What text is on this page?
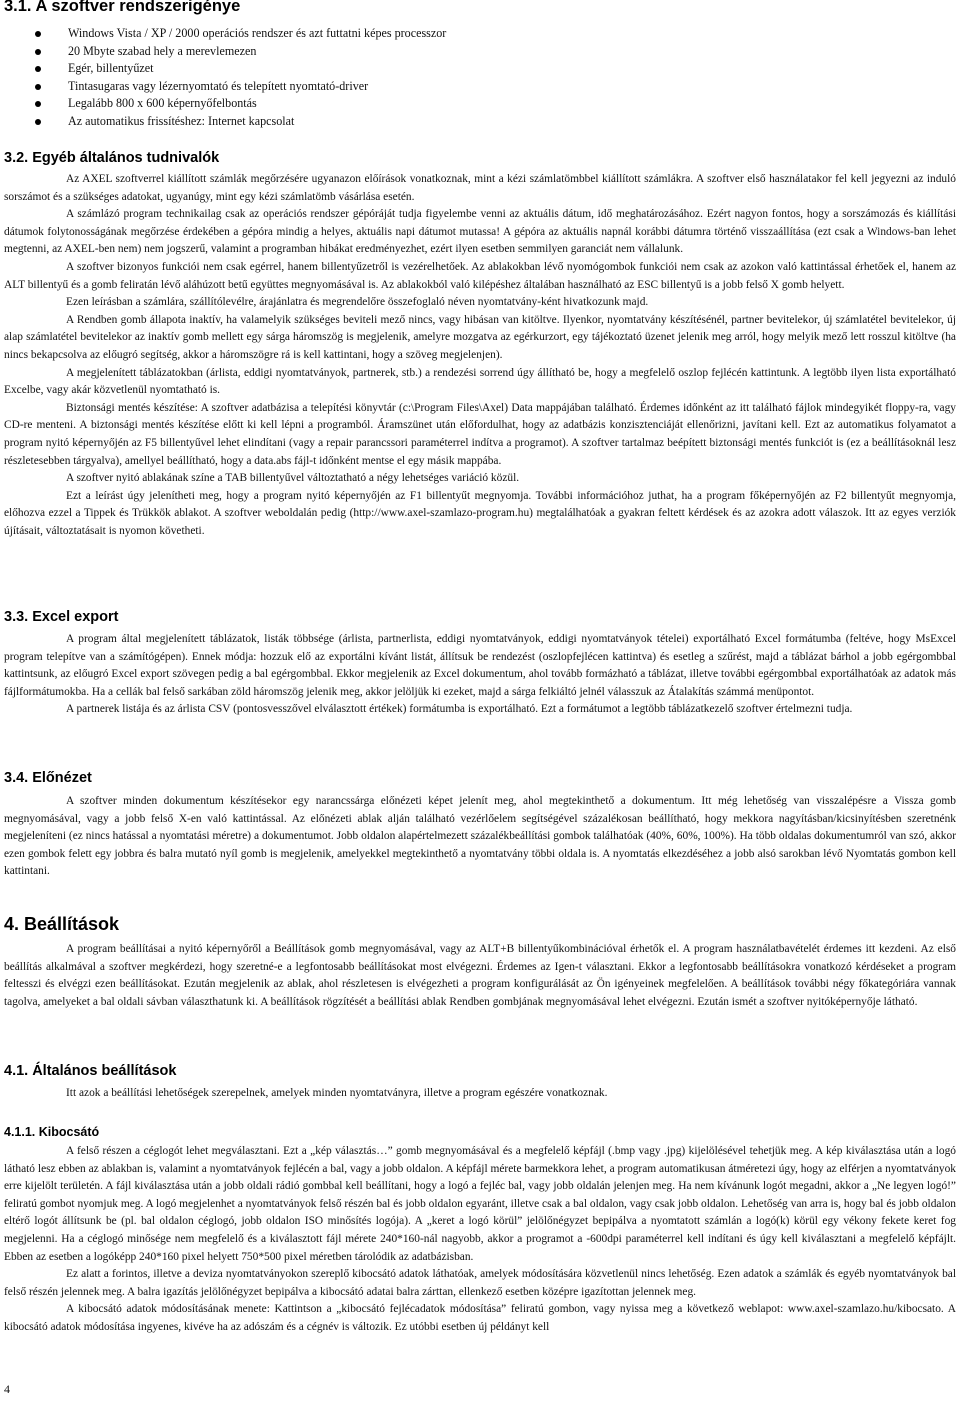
3.1. A szoftver rendszerigénye
Windows Vista / XP / 2000 operációs rendszer és azt futtatni képes processzor
20 Mbyte szabad hely a merevlemezen
Egér, billentyűzet
Tintasugaras vagy lézernyomtató és telepített nyomtató-driver
Legalább 800 x 600 képernyőfelbontás
Az automatikus frissítéshez: Internet kapcsolat
3.2. Egyéb általános tudnivalók

Az AXEL szoftverrel kiállított számlák megőrzésére ugyanazon előírások vonatkoznak, mint a kézi számlatömbbel kiállított számlákra. A szoftver első használatakor fel kell jegyezni az induló sorszámot és a szükséges adatokat, ugyanúgy, mint egy kézi számlatömb vásárlása esetén.

A számlázó program technikailag csak az operációs rendszer gépóráját tudja figyelembe venni az aktuális dátum, idő meghatározásához. Ezért nagyon fontos, hogy a sorszámozás és kiállítási dátumok folytonosságának megőrzése érdekében a gépóra mindig a helyes, aktuális napi dátumot mutassa! A gépóra az aktuális napnál korábbi dátumra történő visszaállítása (ezt csak a Windows-ban lehet megtenni, az AXEL-ben nem) nem jogszerű, valamint a programban hibákat eredményezhet, ezért ilyen esetben semmilyen garanciát nem vállalunk.

A szoftver bizonyos funkciói nem csak egérrel, hanem billentyűzetről is vezérelhetőek. Az ablakokban lévő nyomógombok funkciói nem csak az azokon való kattintással érhetőek el, hanem az ALT billentyű és a gomb feliratán lévő aláhúzott betű együttes megnyomásával is. Az ablakokból való kilépéshez általában használható az ESC billentyű is a jobb felső X gomb helyett.

Ezen leírásban a számlára, szállítólevélre, árajánlatra és megrendelőre összefoglaló néven nyomtatvány-ként hivatkozunk majd.

A Rendben gomb állapota inaktív, ha valamelyik szükséges beviteli mező nincs, vagy hibásan van kitöltve. Ilyenkor, nyomtatvány készítésénél, partner bevitelekor, új számlatétel bevitelekor, új alap számlatétel bevitelekor az inaktív gomb mellett egy sárga háromszög is megjelenik, amelyre mozgatva az egérkurzort, egy tájékoztató üzenet jelenik meg arról, hogy melyik mező lett rosszul kitöltve (ha nincs bekapcsolva az előugró segítség, akkor a háromszögre rá is kell kattintani, hogy a szöveg megjelenjen).

A megjelenített táblázatokban (árlista, eddigi nyomtatványok, partnerek, stb.) a rendezési sorrend úgy állítható be, hogy a megfelelő oszlop fejlécén kattintunk. A legtöbb ilyen lista exportálható Excelbe, vagy akár közvetlenül nyomtatható is.

Biztonsági mentés készítése: A szoftver adatbázisa a telepítési könyvtár (c:\Program Files\Axel) Data mappájában található. Érdemes időnként az itt található fájlok mindegyikét floppy-ra, vagy CD-re menteni. A biztonsági mentés készítése előtt ki kell lépni a programból. Áramszünet után előfordulhat, hogy az adatbázis konzisztenciáját ellenőrizni, javítani kell. Ezt az automatikus folyamatot a program nyitó képernyőjén az F5 billentyűvel lehet elindítani (vagy a repair parancssori paraméterrel indítva a programot). A szoftver tartalmaz beépített biztonsági mentés funkciót is (ez a beállításoknál lesz részletesebben tárgyalva), amellyel beállítható, hogy a data.abs fájl-t időnként mentse el egy másik mappába.

A szoftver nyitó ablakának színe a TAB billentyűvel változtatható a négy lehetséges variáció közül.

Ezt a leírást úgy jelenítheti meg, hogy a program nyitó képernyőjén az F1 billentyűt megnyomja. További információhoz juthat, ha a program főképernyőjén az F2 billentyűt megnyomja, előhozva ezzel a Tippek és Trükkök ablakot. A szoftver weboldalán pedig (http://www.axel-szamlazo-program.hu) megtalálhatóak a gyakran feltett kérdések és az azokra adott válaszok. Itt az egyes verziók újításait, változtatásait is nyomon követheti.

3.3. Excel export

A program által megjelenített táblázatok, listák többsége (árlista, partnerlista, eddigi nyomtatványok, eddigi nyomtatványok tételei) exportálható Excel formátumba (feltéve, hogy MsExcel program telepítve van a számítógépen). Ennek módja: hozzuk elő az exportálni kívánt listát, állítsuk be rendezést (oszlopfejlécen kattintva) és esetleg a szűrést, majd a táblázat bárhol a jobb egérgombbal kattintsunk, az előugró Excel export szövegen pedig a bal egérgombbal. Ekkor megjelenik az Excel dokumentum, ahol tovább formázható a táblázat, illetve további egérgombbal exportálhatóak az adatok más fájlformátumokba. Ha a cellák bal felső sarkában zöld háromszög jelenik meg, akkor jelöljük ki ezeket, majd a sárga felkiáltó jelnél válasszuk az Átalakítás számmá menüpontot.

A partnerek listája és az árlista CSV (pontosvesszővel elválasztott értékek) formátumba is exportálható. Ezt a formátumot a legtöbb táblázatkezelő szoftver értelmezni tudja.

3.4. Előnézet

A szoftver minden dokumentum készítésekor egy narancssárga előnézeti képet jelenít meg, ahol megtekinthető a dokumentum. Itt még lehetőség van visszalépésre a Vissza gomb megnyomásával, vagy a jobb felső X-en való kattintással. Az előnézeti ablak alján található vezérlőelem segítségével százalékosan beállítható, hogy mekkora nagyításban/kicsinyítésben szeretnénk megjeleníteni (ez nincs hatással a nyomtatási méretre) a dokumentumot. Jobb oldalon alapértelmezett százalékbeállítási gombok találhatóak (40%, 60%, 100%). Ha több oldalas dokumentumról van szó, akkor ezen gombok felett egy jobbra és balra mutató nyíl gomb is megjelenik, amelyekkel megtekinthető a nyomtatvány többi oldala is. A nyomtatás elkezdéséhez a jobb alsó sarokban lévő Nyomtatás gombon kell kattintani.

4. Beállítások

A program beállításai a nyitó képernyőről a Beállítások gomb megnyomásával, vagy az ALT+B billentyűkombinációval érhetők el. A program használatbavételét érdemes itt kezdeni. Az első beállítás alkalmával a szoftver megkérdezi, hogy szeretné-e a legfontosabb beállításokat most elvégezni. Érdemes az Igen-t választani. Ekkor a legfontosabb beállításokra vonatkozó kérdéseket a program feltesszi és elvégzi ezen beállításokat. Ezután megjelenik az ablak, ahol részletesen is elvégezheti a program konfigurálását az Ön igényeinek megfelelően. A beállítások további négy főkategóriára vannak tagolva, amelyeket a bal oldali sávban választhatunk ki. A beállítások rögzítését a beállítási ablak Rendben gombjának megnyomásával lehet elvégezni. Ezután ismét a szoftver nyitóképernyője látható.

4.1. Általános beállítások

Itt azok a beállítási lehetőségek szerepelnek, amelyek minden nyomtatványra, illetve a program egészére vonatkoznak.

4.1.1. Kibocsátó

A felső részen a céglogót lehet megválasztani. Ezt a „kép választás…” gomb megnyomásával és a megfelelő képfájl (.bmp vagy .jpg) kijelölésével tehetjük meg. A kép kiválasztása után a logó látható lesz ebben az ablakban is, valamint a nyomtatványok fejlécén a bal, vagy a jobb oldalon. A képfájl mérete barmekkora lehet, a program automatikusan átméretezi úgy, hogy az elférjen a nyomtatványok erre kijelölt területén. A fájl kiválasztása után a jobb oldali rádió gombbal kell beállítani, hogy a logó a fejléc bal, vagy jobb oldalán jelenjen meg. Ha nem kívánunk logót megadni, akkor a „Ne legyen logó!” feliratú gombot nyomjuk meg. A logó megjelenhet a nyomtatványok felső részén bal és jobb oldalon egyaránt, illetve csak a bal oldalon, vagy csak jobb oldalon. Lehetőség van arra is, hogy bal és jobb oldalon eltérő logót állítsunk be (pl. bal oldalon céglogó, jobb oldalon ISO minősítés logója). A „keret a logó körül” jelölőnégyzet bepipálva a nyomtatott számlán a logó(k) körül egy vékony fekete keret fog megjelenni. Ha a céglogó minősége nem megfelelő és a kiválasztott fájl mérete 240*160-nál nagyobb, akkor a programot a -600dpi paraméterrel kell indítani és úgy kell kiválasztani a megfelelő képfájlt. Ebben az esetben a logóképp 240*160 pixel helyett 750*500 pixel méretben tárolódik az adatbázisban.

Ez alatt a forintos, illetve a deviza nyomtatványokon szereplő kibocsátó adatok láthatóak, amelyek módosítására közvetlenül nincs lehetőség. Ezen adatok a számlák és egyéb nyomtatványok bal felső részén jelennek meg. A balra igazítás jelölőnégyzet bepipálva a kibocsátó adatai balra zárttan, ellenkező esetben középre igazítottan jelennek meg.

A kibocsátó adatok módosításának menete: Kattintson a „kibocsátó fejlécadatok módosítása” feliratú gombon, vagy nyissa meg a következő weblapot: www.axel-szamlazo.hu/kibocsato. A kibocsátó adatok módosítása ingyenes, kivéve ha az adószám és a cégnév is változik. Ez utóbbi esetben új példányt kell

4
